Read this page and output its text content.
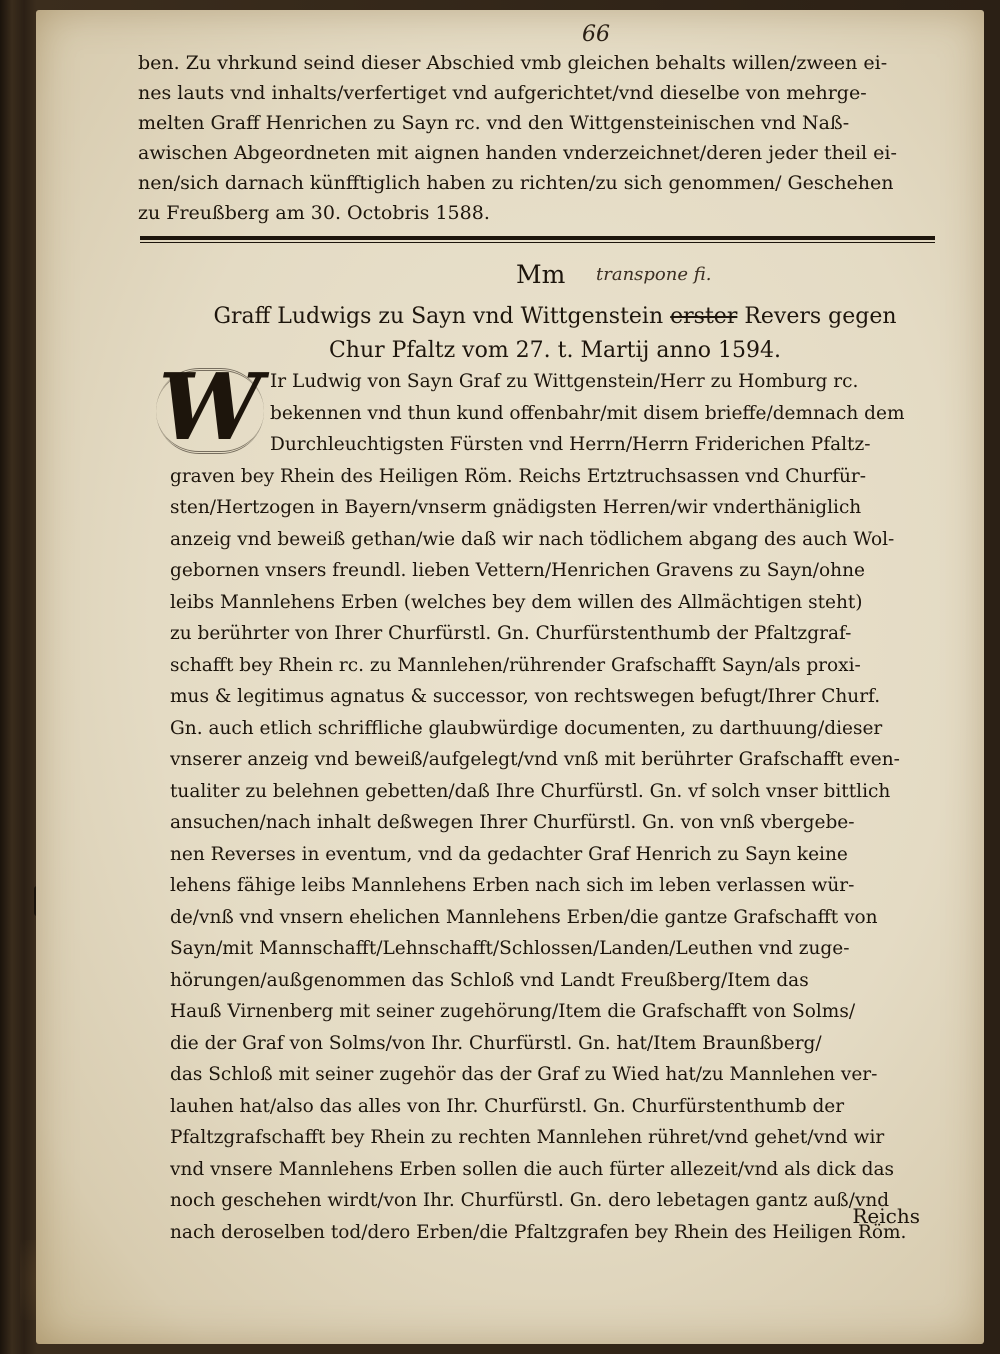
66
ben. Zu vhrkund seind dieser Abschied vmb gleichen behalts willen/zween ei-
nes lauts vnd inhalts/verfertiget vnd aufgerichtet/vnd dieselbe von mehrge-
melten Graff Henrichen zu Sayn rc. vnd den Wittgensteinischen vnd Naß-
awischen Abgeordneten mit aignen handen vnderzeichnet/deren jeder theil ei-
nen/sich darnach künfftiglich haben zu richten/zu sich genommen/ Geschehen
zu Freußberg am 30. Octobris 1588.
Mm transpone fi.
Graff Ludwigs zu Sayn vnd Wittgenstein erster Revers gegen
Chur Pfaltz vom 27. t. Martij anno 1594.
W Ir Ludwig von Sayn Graf zu Wittgenstein/Herr zu Homburg rc.
bekennen vnd thun kund offenbahr/mit disem brieffe/demnach dem
Durchleuchtigsten Fürsten vnd Herrn/Herrn Friderichen Pfaltz-
graven bey Rhein des Heiligen Röm. Reichs Ertztruchsassen vnd Churfür-
sten/Hertzogen in Bayern/vnserm gnädigsten Herren/wir vnderthäniglich
anzeig vnd beweiß gethan/wie daß wir nach tödlichem abgang des auch Wol-
gebornen vnsers freundl. lieben Vettern/Henrichen Gravens zu Sayn/ohne
leibs Mannlehens Erben (welches bey dem willen des Allmächtigen steht)
zu berührter von Ihrer Churfürstl. Gn. Churfürstenthumb der Pfaltzgraf-
schafft bey Rhein rc. zu Mannlehen/rührender Grafschafft Sayn/als proxi-
mus & legitimus agnatus & successor, von rechtswegen befugt/Ihrer Churf.
Gn. auch etlich schriffliche glaubwürdige documenten, zu darthuung/dieser
vnserer anzeig vnd beweiß/aufgelegt/vnd vnß mit berührter Grafschafft even-
tualiter zu belehnen gebetten/daß Ihre Churfürstl. Gn. vf solch vnser bittlich
ansuchen/nach inhalt deßwegen Ihrer Churfürstl. Gn. von vnß vbergebe-
nen Reverses in eventum, vnd da gedachter Graf Henrich zu Sayn keine
lehens fähige leibs Mannlehens Erben nach sich im leben verlassen wür-
de/vnß vnd vnsern ehelichen Mannlehens Erben/die gantze Grafschafft von
Sayn/mit Mannschafft/Lehnschafft/Schlossen/Landen/Leuthen vnd zuge-
hörungen/außgenommen das Schloß vnd Landt Freußberg/Item das
Hauß Virnenberg mit seiner zugehörung/Item die Grafschafft von Solms/
die der Graf von Solms/von Ihr. Churfürstl. Gn. hat/Item Braunßberg/
das Schloß mit seiner zugehör das der Graf zu Wied hat/zu Mannlehen ver-
lauhen hat/also das alles von Ihr. Churfürstl. Gn. Churfürstenthumb der
Pfaltzgrafschafft bey Rhein zu rechten Mannlehen rühret/vnd gehet/vnd wir
vnd vnsere Mannlehens Erben sollen die auch fürter allezeit/vnd als dick das
noch geschehen wirdt/von Ihr. Churfürstl. Gn. dero lebetagen gantz auß/vnd
nach deroselben tod/dero Erben/die Pfaltzgrafen bey Rhein des Heiligen Röm.
Reichs
